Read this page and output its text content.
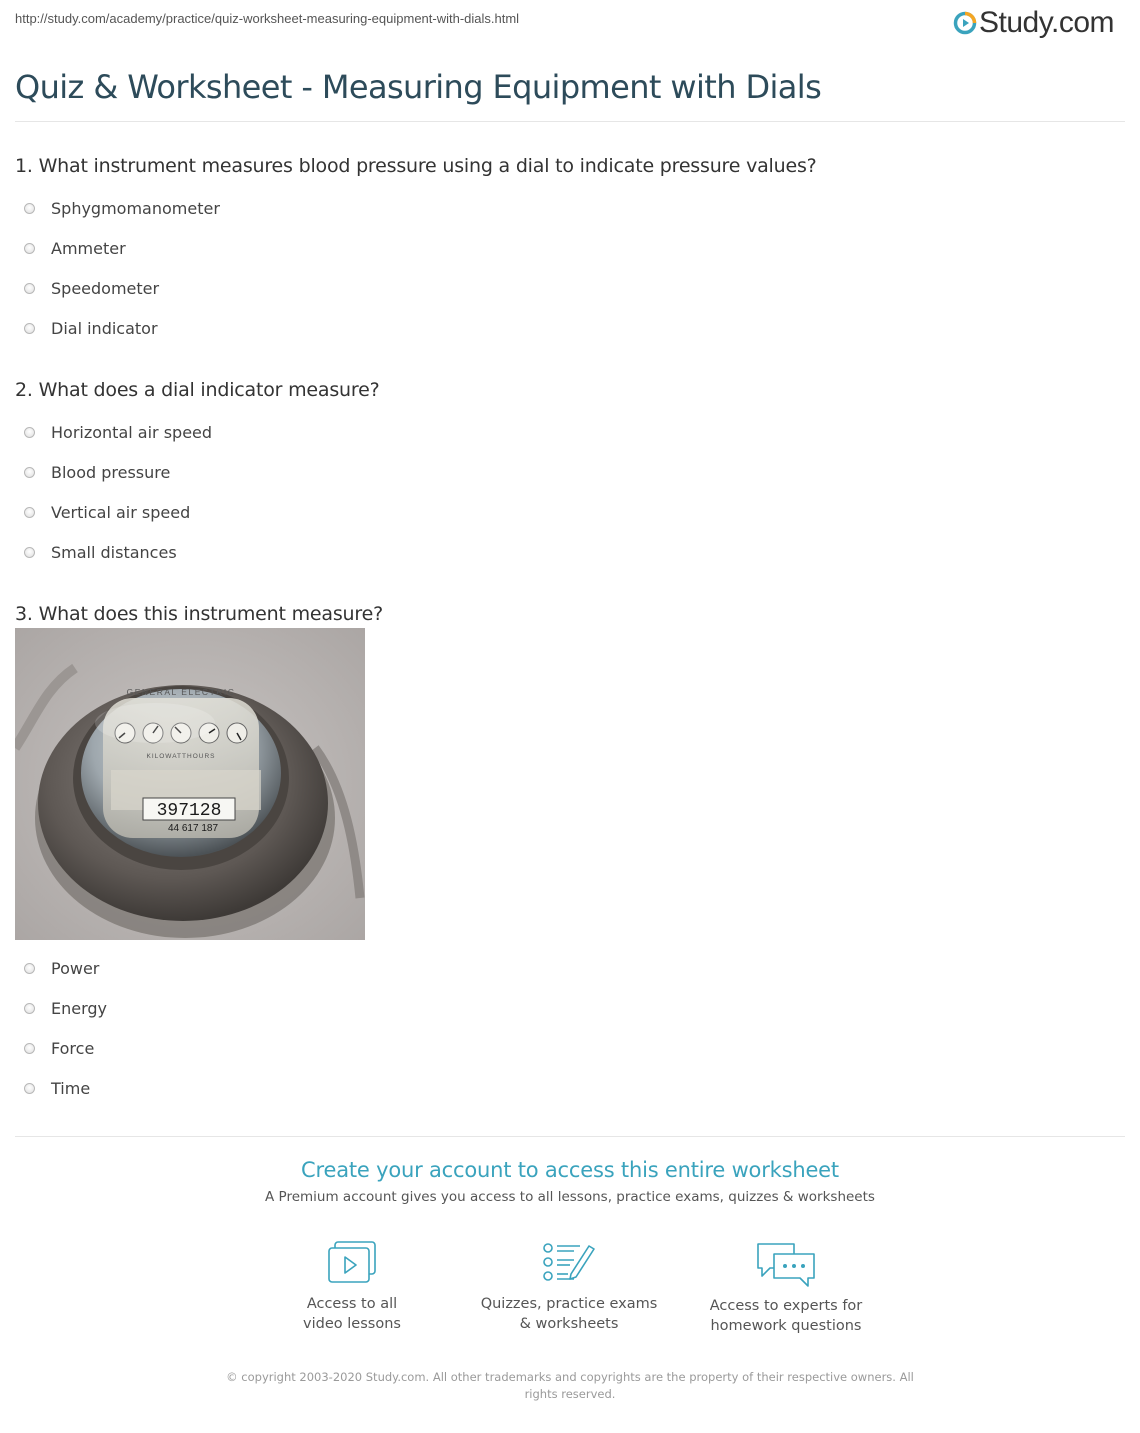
http://study.com/academy/practice/quiz-worksheet-measuring-equipment-with-dials.html	Study.com
Quiz & Worksheet - Measuring Equipment with Dials
1. What instrument measures blood pressure using a dial to indicate pressure values?
Sphygmomanometer
Ammeter
Speedometer
Dial indicator
2. What does a dial indicator measure?
Horizontal air speed
Blood pressure
Vertical air speed
Small distances
3. What does this instrument measure?
GENERAL ELECTRIC
KILOWATTHOURS
397128
44 617 187
Power
Energy
Force
Time
Create your account to access this entire worksheet
A Premium account gives you access to all lessons, practice exams, quizzes & worksheets
Access to all
video lessons
Quizzes, practice exams
& worksheets
Access to experts for
homework questions
© copyright 2003-2020 Study.com. All other trademarks and copyrights are the property of their respective owners. All rights reserved.
